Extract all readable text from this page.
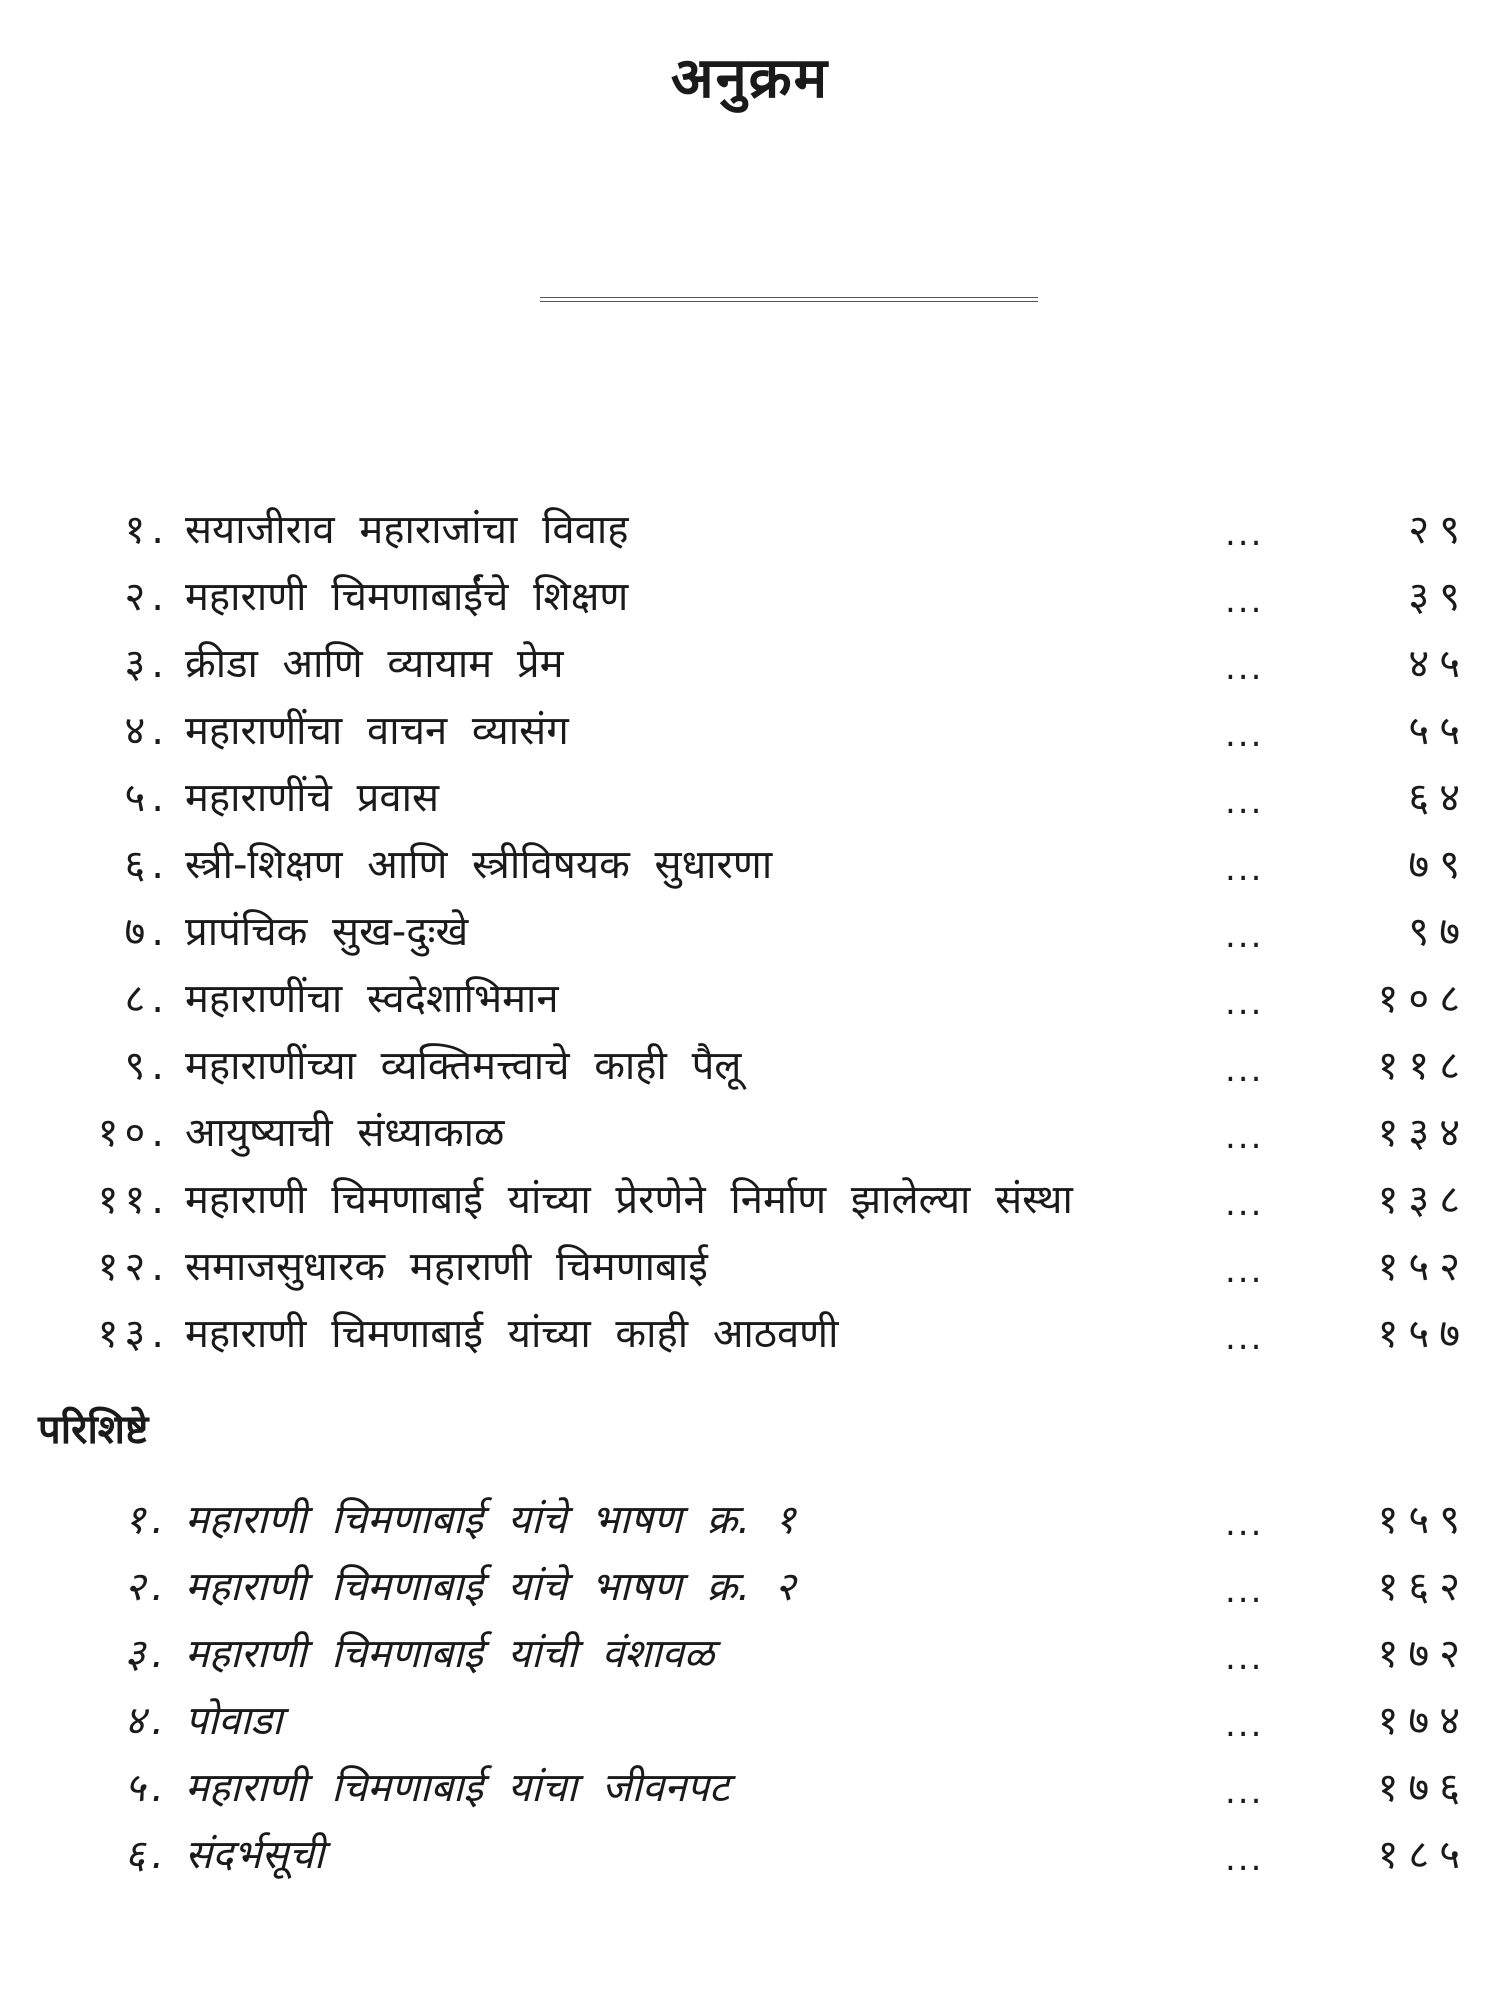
अनुक्रम
१. सयाजीराव महाराजांचा विवाह	...	२९
२. महाराणी चिमणाबाईंचे शिक्षण	...	३९
३. क्रीडा आणि व्यायाम प्रेम	...	४५
४. महाराणींचा वाचन व्यासंग	...	५५
५. महाराणींचे प्रवास	...	६४
६. स्त्री-शिक्षण आणि स्त्रीविषयक सुधारणा	...	७९
७. प्रापंचिक सुख-दुःखे	...	९७
८. महाराणींचा स्वदेशाभिमान	...	१०८
९. महाराणींच्या व्यक्तिमत्त्वाचे काही पैलू	...	११८
१०. आयुष्याची संध्याकाळ	...	१३४
११. महाराणी चिमणाबाई यांच्या प्रेरणेने निर्माण झालेल्या संस्था	...	१३८
१२. समाजसुधारक महाराणी चिमणाबाई	...	१५२
१३. महाराणी चिमणाबाई यांच्या काही आठवणी	...	१५७
परिशिष्टे
१. महाराणी चिमणाबाई यांचे भाषण क्र. १	...	१५९
२. महाराणी चिमणाबाई यांचे भाषण क्र. २	...	१६२
३. महाराणी चिमणाबाई यांची वंशावळ	...	१७२
४. पोवाडा	...	१७४
५. महाराणी चिमणाबाई यांचा जीवनपट	...	१७६
६. संदर्भसूची	...	१८५
